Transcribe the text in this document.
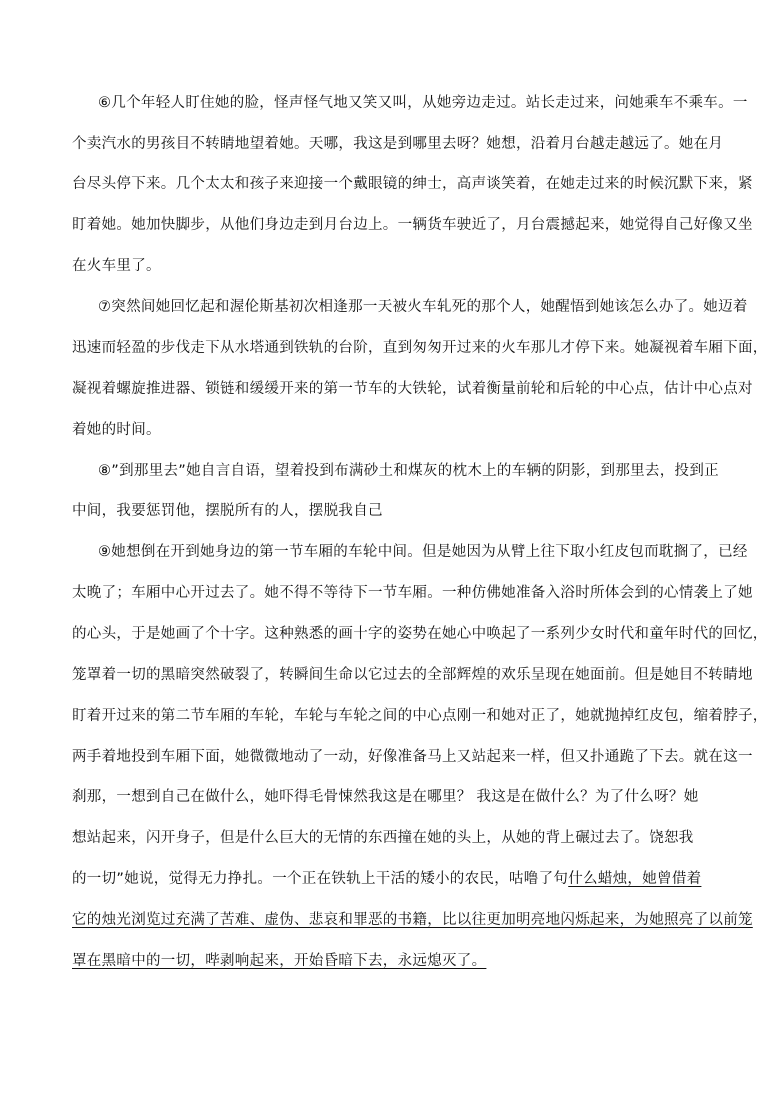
⑥几个年轻人盯住她的脸，怪声怪气地又笑又叫，从她旁边走过。站长走过来，问她乘车不乘车。一
个卖汽水的男孩目不转睛地望着她。天哪，我这是到哪里去呀？她想，沿着月台越走越远了。她在月
台尽头停下来。几个太太和孩子来迎接一个戴眼镜的绅士，高声谈笑着，在她走过来的时候沉默下来，紧
盯着她。她加快脚步，从他们身边走到月台边上。一辆货车驶近了，月台震撼起来，她觉得自己好像又坐
在火车里了。
⑦突然间她回忆起和渥伦斯基初次相逢那一天被火车轧死的那个人，她醒悟到她该怎么办了。她迈着
迅速而轻盈的步伐走下从水塔通到铁轨的台阶，直到匆匆开过来的火车那儿才停下来。她凝视着车厢下面，
凝视着螺旋推进器、锁链和缓缓开来的第一节车的大铁轮，试着衡量前轮和后轮的中心点，估计中心点对
着她的时间。
⑧”到那里去”她自言自语，望着投到布满砂土和煤灰的枕木上的车辆的阴影，到那里去，投到正
中间，我要惩罚他，摆脱所有的人，摆脱我自己
⑨她想倒在开到她身边的第一节车厢的车轮中间。但是她因为从臂上往下取小红皮包而耽搁了，已经
太晚了；车厢中心开过去了。她不得不等待下一节车厢。一种仿佛她准备入浴时所体会到的心情袭上了她
的心头，于是她画了个十字。这种熟悉的画十字的姿势在她心中唤起了一系列少女时代和童年时代的回忆，
笼罩着一切的黑暗突然破裂了，转瞬间生命以它过去的全部辉煌的欢乐呈现在她面前。但是她目不转睛地
盯着开过来的第二节车厢的车轮，车轮与车轮之间的中心点刚一和她对正了，她就抛掉红皮包，缩着脖子，
两手着地投到车厢下面，她微微地动了一动，好像准备马上又站起来一样，但又扑通跪了下去。就在这一
刹那，一想到自己在做什么，她吓得毛骨悚然我这是在哪里？ 我这是在做什么？为了什么呀？她
想站起来，闪开身子，但是什么巨大的无情的东西撞在她的头上，从她的背上碾过去了。饶恕我
的一切”她说，觉得无力挣扎。一个正在铁轨上干活的矮小的农民，咕噜了句什么蜡烛，她曾借着
它的烛光浏览过充满了苦难、虚伪、悲哀和罪恶的书籍，比以往更加明亮地闪烁起来，为她照亮了以前笼
罩在黑暗中的一切，哔剥响起来，开始昏暗下去，永远熄灭了。
